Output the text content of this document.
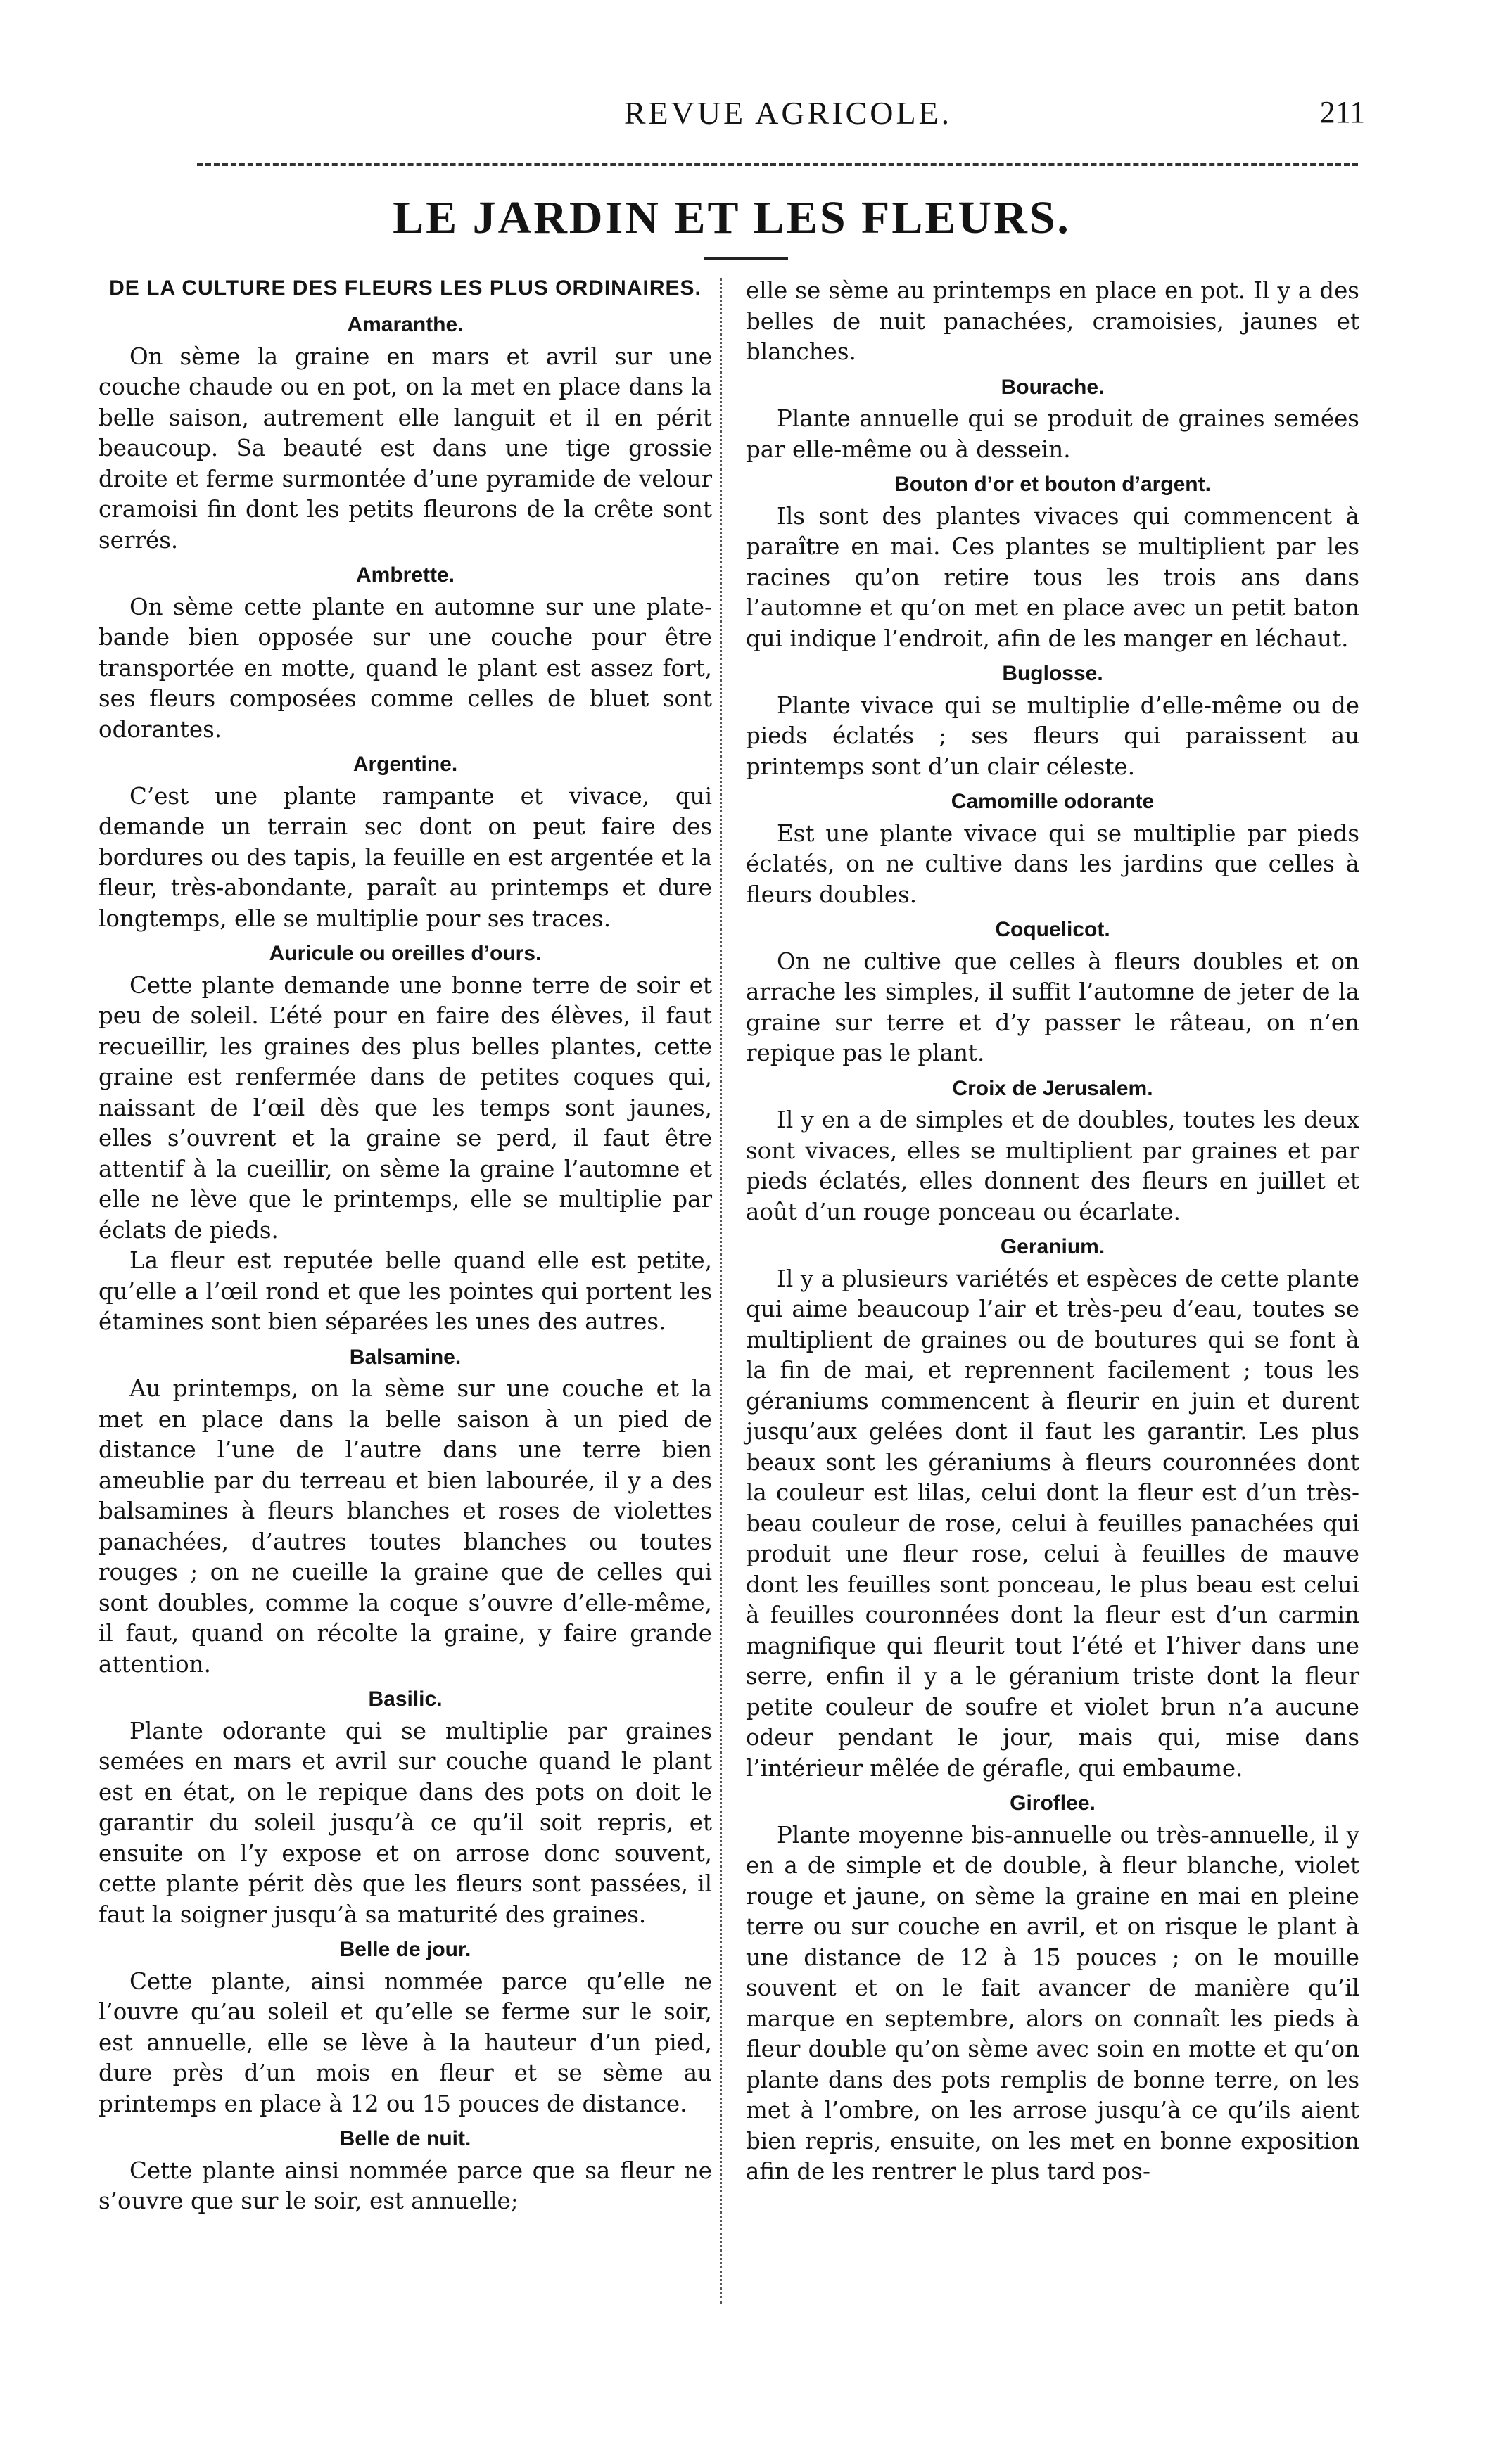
REVUE AGRICOLE.	211
LE JARDIN ET LES FLEURS.
DE LA CULTURE DES FLEURS LES PLUS ORDINAIRES.
Amaranthe.
On sème la graine en mars et avril sur une couche chaude ou en pot, on la met en place dans la belle saison, autrement elle languit et il en périt beaucoup. Sa beauté est dans une tige grossie droite et ferme surmontée d’une pyramide de velour cramoisi fin dont les petits fleurons de la crête sont serrés.
Ambrette.
On sème cette plante en automne sur une plate-bande bien opposée sur une couche pour être transportée en motte, quand le plant est assez fort, ses fleurs composées comme celles de bluet sont odorantes.
Argentine.
C’est une plante rampante et vivace, qui demande un terrain sec dont on peut faire des bordures ou des tapis, la feuille en est argentée et la fleur, très-abondante, paraît au printemps et dure longtemps, elle se multiplie pour ses traces.
Auricule ou oreilles d’ours.
Cette plante demande une bonne terre de soir et peu de soleil. L’été pour en faire des élèves, il faut recueillir, les graines des plus belles plantes, cette graine est renfermée dans de petites coques qui, naissant de l’œil dès que les temps sont jaunes, elles s’ouvrent et la graine se perd, il faut être attentif à la cueillir, on sème la graine l’automne et elle ne lève que le printemps, elle se multiplie par éclats de pieds.
La fleur est reputée belle quand elle est petite, qu’elle a l’œil rond et que les pointes qui portent les étamines sont bien séparées les unes des autres.
Balsamine.
Au printemps, on la sème sur une couche et la met en place dans la belle saison à un pied de distance l’une de l’autre dans une terre bien ameublie par du terreau et bien labourée, il y a des balsamines à fleurs blanches et roses de violettes panachées, d’autres toutes blanches ou toutes rouges ; on ne cueille la graine que de celles qui sont doubles, comme la coque s’ouvre d’elle-même, il faut, quand on récolte la graine, y faire grande attention.
Basilic.
Plante odorante qui se multiplie par graines semées en mars et avril sur couche quand le plant est en état, on le repique dans des pots on doit le garantir du soleil jusqu’à ce qu’il soit repris, et ensuite on l’y expose et on arrose donc souvent, cette plante périt dès que les fleurs sont passées, il faut la soigner jusqu’à sa maturité des graines.
Belle de jour.
Cette plante, ainsi nommée parce qu’elle ne l’ouvre qu’au soleil et qu’elle se ferme sur le soir, est annuelle, elle se lève à la hauteur d’un pied, dure près d’un mois en fleur et se sème au printemps en place à 12 ou 15 pouces de distance.
Belle de nuit.
Cette plante ainsi nommée parce que sa fleur ne s’ouvre que sur le soir, est annuelle;
elle se sème au printemps en place en pot. Il y a des belles de nuit panachées, cramoisies, jaunes et blanches.
Bourache.
Plante annuelle qui se produit de graines semées par elle-même ou à dessein.
Bouton d’or et bouton d’argent.
Ils sont des plantes vivaces qui commencent à paraître en mai. Ces plantes se multiplient par les racines qu’on retire tous les trois ans dans l’automne et qu’on met en place avec un petit baton qui indique l’endroit, afin de les manger en léchaut.
Buglosse.
Plante vivace qui se multiplie d’elle-même ou de pieds éclatés ; ses fleurs qui paraissent au printemps sont d’un clair céleste.
Camomille odorante
Est une plante vivace qui se multiplie par pieds éclatés, on ne cultive dans les jardins que celles à fleurs doubles.
Coquelicot.
On ne cultive que celles à fleurs doubles et on arrache les simples, il suffit l’automne de jeter de la graine sur terre et d’y passer le râteau, on n’en repique pas le plant.
Croix de Jerusalem.
Il y en a de simples et de doubles, toutes les deux sont vivaces, elles se multiplient par graines et par pieds éclatés, elles donnent des fleurs en juillet et août d’un rouge ponceau ou écarlate.
Geranium.
Il y a plusieurs variétés et espèces de cette plante qui aime beaucoup l’air et très-peu d’eau, toutes se multiplient de graines ou de boutures qui se font à la fin de mai, et reprennent facilement ; tous les géraniums commencent à fleurir en juin et durent jusqu’aux gelées dont il faut les garantir. Les plus beaux sont les géraniums à fleurs couronnées dont la couleur est lilas, celui dont la fleur est d’un très-beau couleur de rose, celui à feuilles panachées qui produit une fleur rose, celui à feuilles de mauve dont les feuilles sont ponceau, le plus beau est celui à feuilles couronnées dont la fleur est d’un carmin magnifique qui fleurit tout l’été et l’hiver dans une serre, enfin il y a le géranium triste dont la fleur petite couleur de soufre et violet brun n’a aucune odeur pendant le jour, mais qui, mise dans l’intérieur mêlée de gérafle, qui embaume.
Giroflee.
Plante moyenne bis-annuelle ou très-annuelle, il y en a de simple et de double, à fleur blanche, violet rouge et jaune, on sème la graine en mai en pleine terre ou sur couche en avril, et on risque le plant à une distance de 12 à 15 pouces ; on le mouille souvent et on le fait avancer de manière qu’il marque en septembre, alors on connaît les pieds à fleur double qu’on sème avec soin en motte et qu’on plante dans des pots remplis de bonne terre, on les met à l’ombre, on les arrose jusqu’à ce qu’ils aient bien repris, ensuite, on les met en bonne exposition afin de les rentrer le plus tard pos-
